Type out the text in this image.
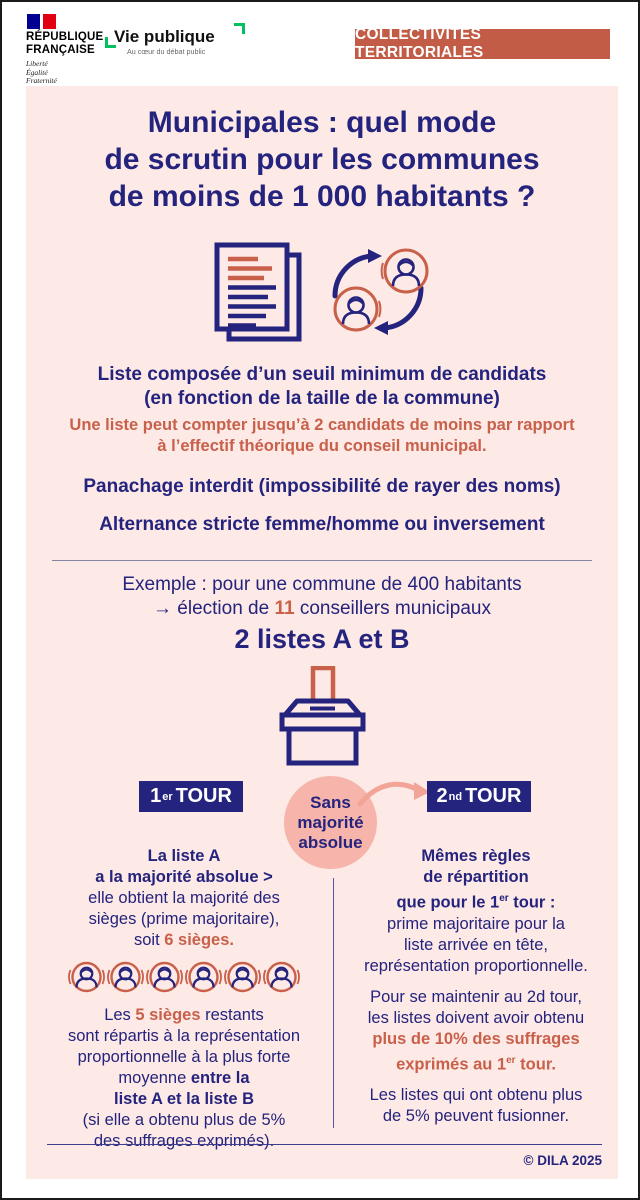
RÉPUBLIQUE
FRANÇAISE
Liberté
Égalité
Fraternité
Vie publique
Au cœur du débat public
COLLECTIVITÉS TERRITORIALES
Municipales : quel mode
de scrutin pour les communes
de moins de 1 000 habitants ?
Liste composée d’un seuil minimum de candidats
(en fonction de la taille de la commune)
Une liste peut compter jusqu’à 2 candidats de moins par rapport
à l’effectif théorique du conseil municipal.
Panachage interdit (impossibilité de rayer des noms)
Alternance stricte femme/homme ou inversement
Exemple : pour une commune de 400 habitants
→ élection de 11 conseillers municipaux
2 listes A et B
1 er TOUR	Sans
majorité
absolue
2 nd TOUR
La liste A
a la majorité absolue >
elle obtient la majorité des
sièges (prime majoritaire),
soit 6 sièges.
Les 5 sièges restants
sont répartis à la représentation
proportionnelle à la plus forte
moyenne entre la
liste A et la liste B
(si elle a obtenu plus de 5%
des suffrages exprimés).
Mêmes règles
de répartition
que pour le 1er tour :
prime majoritaire pour la
liste arrivée en tête,
représentation proportionnelle.
Pour se maintenir au 2d tour,
les listes doivent avoir obtenu
plus de 10% des suffrages
exprimés au 1er tour.
Les listes qui ont obtenu plus
de 5% peuvent fusionner.
© DILA 2025
